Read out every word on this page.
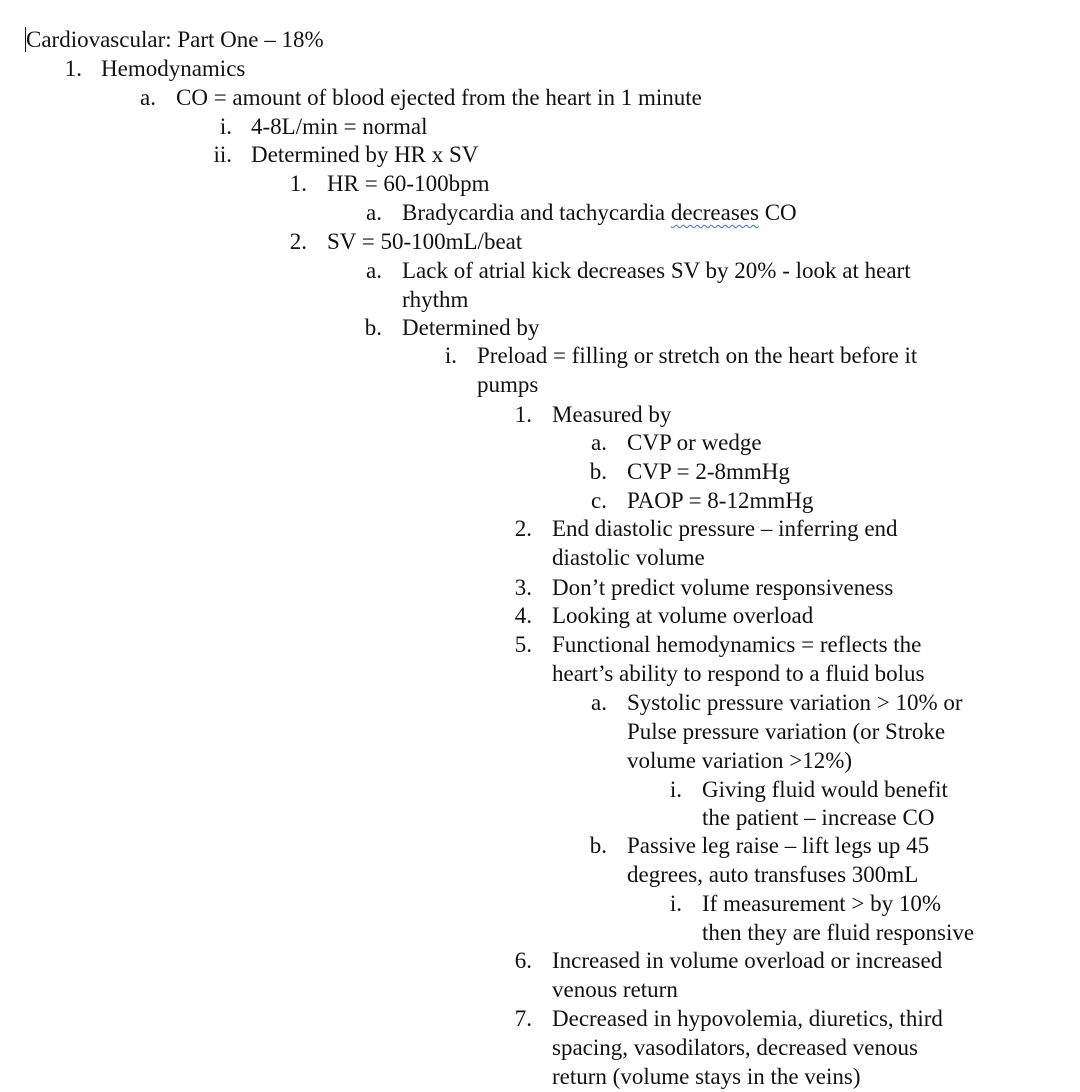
Cardiovascular: Part One – 18%
1. Hemodynamics
a. CO = amount of blood ejected from the heart in 1 minute
i. 4-8L/min = normal
ii. Determined by HR x SV
1. HR = 60-100bpm
a. Bradycardia and tachycardia decreases CO
2. SV = 50-100mL/beat
a. Lack of atrial kick decreases SV by 20% - look at heart
rhythm
b. Determined by
i. Preload = filling or stretch on the heart before it
pumps
1. Measured by
a. CVP or wedge
b. CVP = 2-8mmHg
c. PAOP = 8-12mmHg
2. End diastolic pressure – inferring end
diastolic volume
3. Don’t predict volume responsiveness
4. Looking at volume overload
5. Functional hemodynamics = reflects the
heart’s ability to respond to a fluid bolus
a. Systolic pressure variation > 10% or
Pulse pressure variation (or Stroke
volume variation >12%)
i. Giving fluid would benefit
the patient – increase CO
b. Passive leg raise – lift legs up 45
degrees, auto transfuses 300mL
i. If measurement > by 10%
then they are fluid responsive
6. Increased in volume overload or increased
venous return
7. Decreased in hypovolemia, diuretics, third
spacing, vasodilators, decreased venous
return (volume stays in the veins)
